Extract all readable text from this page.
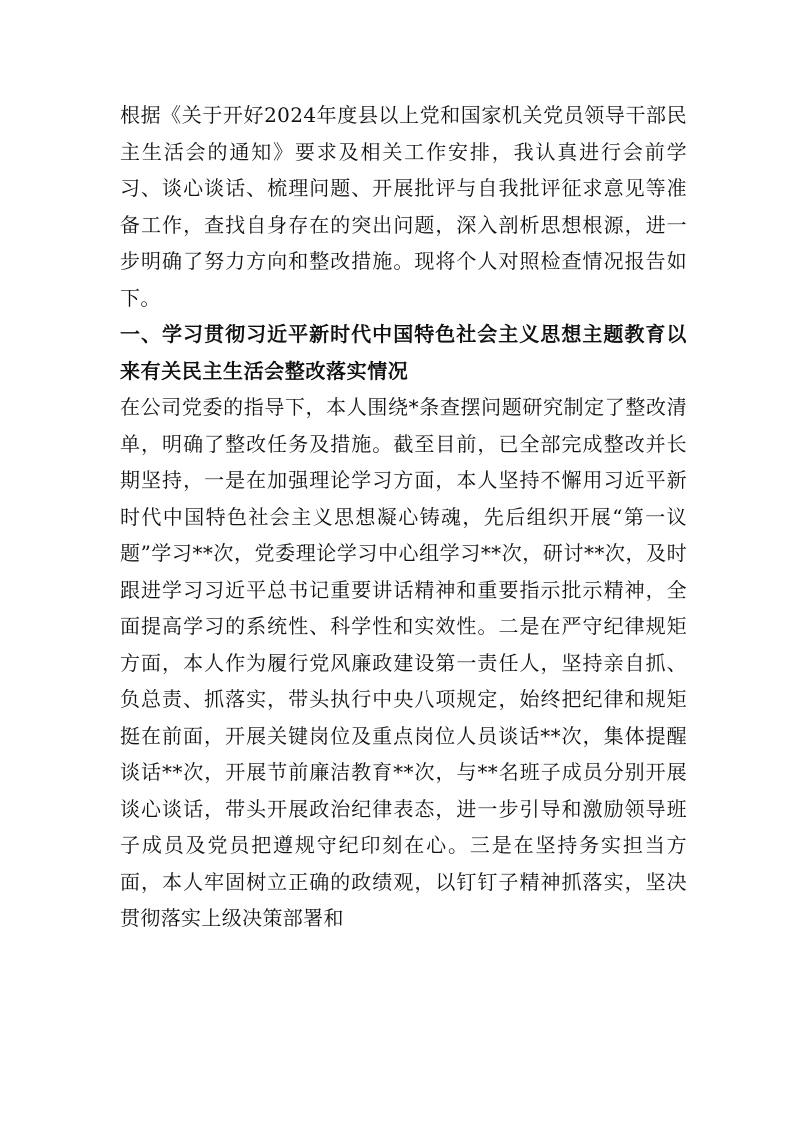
根据《关于开好2024年度县以上党和国家机关党员领导干部民主生活会的通知》要求及相关工作安排，我认真进行会前学习、谈心谈话、梳理问题、开展批评与自我批评征求意见等准备工作，查找自身存在的突出问题，深入剖析思想根源，进一步明确了努力方向和整改措施。现将个人对照检查情况报告如下。

一、学习贯彻习近平新时代中国特色社会主义思想主题教育以来有关民主生活会整改落实情况

在公司党委的指导下，本人围绕*条查摆问题研究制定了整改清单，明确了整改任务及措施。截至目前，已全部完成整改并长期坚持，一是在加强理论学习方面，本人坚持不懈用习近平新时代中国特色社会主义思想凝心铸魂，先后组织开展“第一议题”学习**次，党委理论学习中心组学习**次，研讨**次，及时跟进学习习近平总书记重要讲话精神和重要指示批示精神，全面提高学习的系统性、科学性和实效性。二是在严守纪律规矩方面，本人作为履行党风廉政建设第一责任人，坚持亲自抓、负总责、抓落实，带头执行中央八项规定，始终把纪律和规矩挺在前面，开展关键岗位及重点岗位人员谈话**次，集体提醒谈话**次，开展节前廉洁教育**次，与**名班子成员分别开展谈心谈话，带头开展政治纪律表态，进一步引导和激励领导班子成员及党员把遵规守纪印刻在心。三是在坚持务实担当方面，本人牢固树立正确的政绩观，以钉钉子精神抓落实，坚决贯彻落实上级决策部署和
